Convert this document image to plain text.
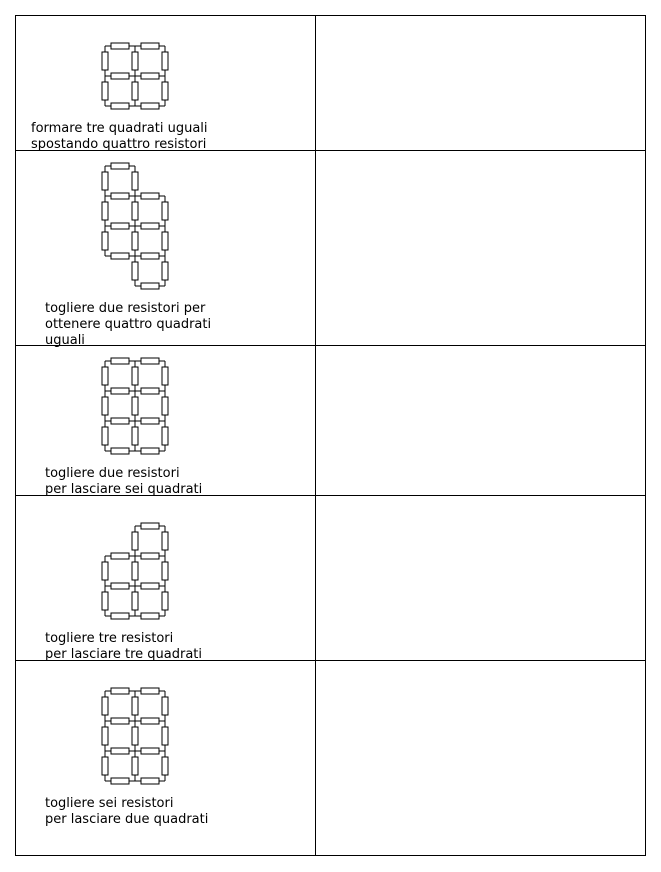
formare tre quadrati uguali
spostando quattro resistori

togliere due resistori per
ottenere quattro quadrati
uguali

togliere due resistori
per lasciare sei quadrati

togliere tre resistori
per lasciare tre quadrati

togliere sei resistori
per lasciare due quadrati
